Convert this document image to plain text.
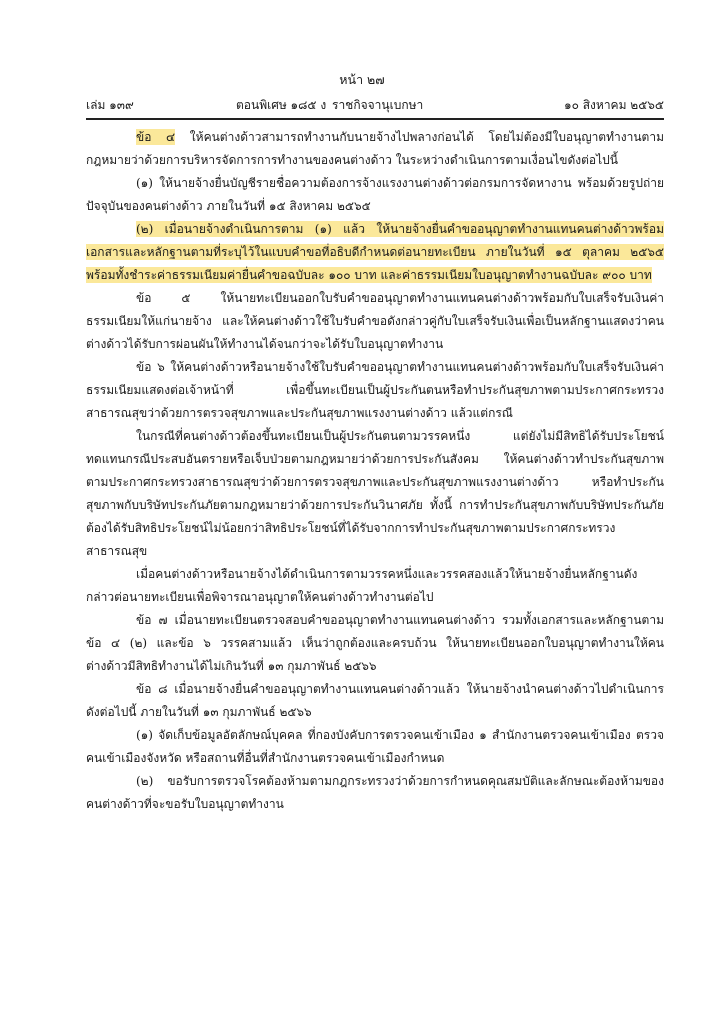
หน้า ๒๗
เล่ม ๑๓๙	ตอนพิเศษ ๑๘๕ ง ราชกิจจานุเบกษา	๑๐ สิงหาคม ๒๕๖๕

ข้อ ๔ ให้คนต่างด้าวสามารถทำงานกับนายจ้างไปพลางก่อนได้ โดยไม่ต้องมีใบอนุญาตทำงานตามกฎหมายว่าด้วยการบริหารจัดการการทำงานของคนต่างด้าว ในระหว่างดำเนินการตามเงื่อนไขดังต่อไปนี้

(๑) ให้นายจ้างยื่นบัญชีรายชื่อความต้องการจ้างแรงงานต่างด้าวต่อกรมการจัดหางาน พร้อมด้วยรูปถ่ายปัจจุบันของคนต่างด้าว ภายในวันที่ ๑๕ สิงหาคม ๒๕๖๕

(๒) เมื่อนายจ้างดำเนินการตาม (๑) แล้ว ให้นายจ้างยื่นคำขออนุญาตทำงานแทนคนต่างด้าวพร้อมเอกสารและหลักฐานตามที่ระบุไว้ในแบบคำขอที่อธิบดีกำหนดต่อนายทะเบียน ภายในวันที่ ๑๕ ตุลาคม ๒๕๖๕ พร้อมทั้งชำระค่าธรรมเนียมค่ายื่นคำขอฉบับละ ๑๐๐ บาท และค่าธรรมเนียมใบอนุญาตทำงานฉบับละ ๙๐๐ บาท

ข้อ ๕ ให้นายทะเบียนออกใบรับคำขออนุญาตทำงานแทนคนต่างด้าวพร้อมกับใบเสร็จรับเงินค่าธรรมเนียมให้แก่นายจ้าง และให้คนต่างด้าวใช้ใบรับคำขอดังกล่าวคู่กับใบเสร็จรับเงินเพื่อเป็นหลักฐานแสดงว่าคนต่างด้าวได้รับการผ่อนผันให้ทำงานได้จนกว่าจะได้รับใบอนุญาตทำงาน

ข้อ ๖ ให้คนต่างด้าวหรือนายจ้างใช้ใบรับคำขออนุญาตทำงานแทนคนต่างด้าวพร้อมกับใบเสร็จรับเงินค่าธรรมเนียมแสดงต่อเจ้าหน้าที่ เพื่อขึ้นทะเบียนเป็นผู้ประกันตนหรือทำประกันสุขภาพตามประกาศกระทรวงสาธารณสุขว่าด้วยการตรวจสุขภาพและประกันสุขภาพแรงงานต่างด้าว แล้วแต่กรณี

ในกรณีที่คนต่างด้าวต้องขึ้นทะเบียนเป็นผู้ประกันตนตามวรรคหนึ่ง แต่ยังไม่มีสิทธิได้รับประโยชน์ทดแทนกรณีประสบอันตรายหรือเจ็บป่วยตามกฎหมายว่าด้วยการประกันสังคม ให้คนต่างด้าวทำประกันสุขภาพตามประกาศกระทรวงสาธารณสุขว่าด้วยการตรวจสุขภาพและประกันสุขภาพแรงงานต่างด้าว หรือทำประกันสุขภาพกับบริษัทประกันภัยตามกฎหมายว่าด้วยการประกันวินาศภัย ทั้งนี้ การทำประกันสุขภาพกับบริษัทประกันภัยต้องได้รับสิทธิประโยชน์ไม่น้อยกว่าสิทธิประโยชน์ที่ได้รับจากการทำประกันสุขภาพตามประกาศกระทรวงสาธารณสุข

เมื่อคนต่างด้าวหรือนายจ้างได้ดำเนินการตามวรรคหนึ่งและวรรคสองแล้วให้นายจ้างยื่นหลักฐานดังกล่าวต่อนายทะเบียนเพื่อพิจารณาอนุญาตให้คนต่างด้าวทำงานต่อไป

ข้อ ๗ เมื่อนายทะเบียนตรวจสอบคำขออนุญาตทำงานแทนคนต่างด้าว รวมทั้งเอกสารและหลักฐานตามข้อ ๔ (๒) และข้อ ๖ วรรคสามแล้ว เห็นว่าถูกต้องและครบถ้วน ให้นายทะเบียนออกใบอนุญาตทำงานให้คนต่างด้าวมีสิทธิทำงานได้ไม่เกินวันที่ ๑๓ กุมภาพันธ์ ๒๕๖๖

ข้อ ๘ เมื่อนายจ้างยื่นคำขออนุญาตทำงานแทนคนต่างด้าวแล้ว ให้นายจ้างนำคนต่างด้าวไปดำเนินการดังต่อไปนี้ ภายในวันที่ ๑๓ กุมภาพันธ์ ๒๕๖๖

(๑) จัดเก็บข้อมูลอัตลักษณ์บุคคล ที่กองบังคับการตรวจคนเข้าเมือง ๑ สำนักงานตรวจคนเข้าเมือง ตรวจคนเข้าเมืองจังหวัด หรือสถานที่อื่นที่สำนักงานตรวจคนเข้าเมืองกำหนด

(๒) ขอรับการตรวจโรคต้องห้ามตามกฎกระทรวงว่าด้วยการกำหนดคุณสมบัติและลักษณะต้องห้ามของคนต่างด้าวที่จะขอรับใบอนุญาตทำงาน
